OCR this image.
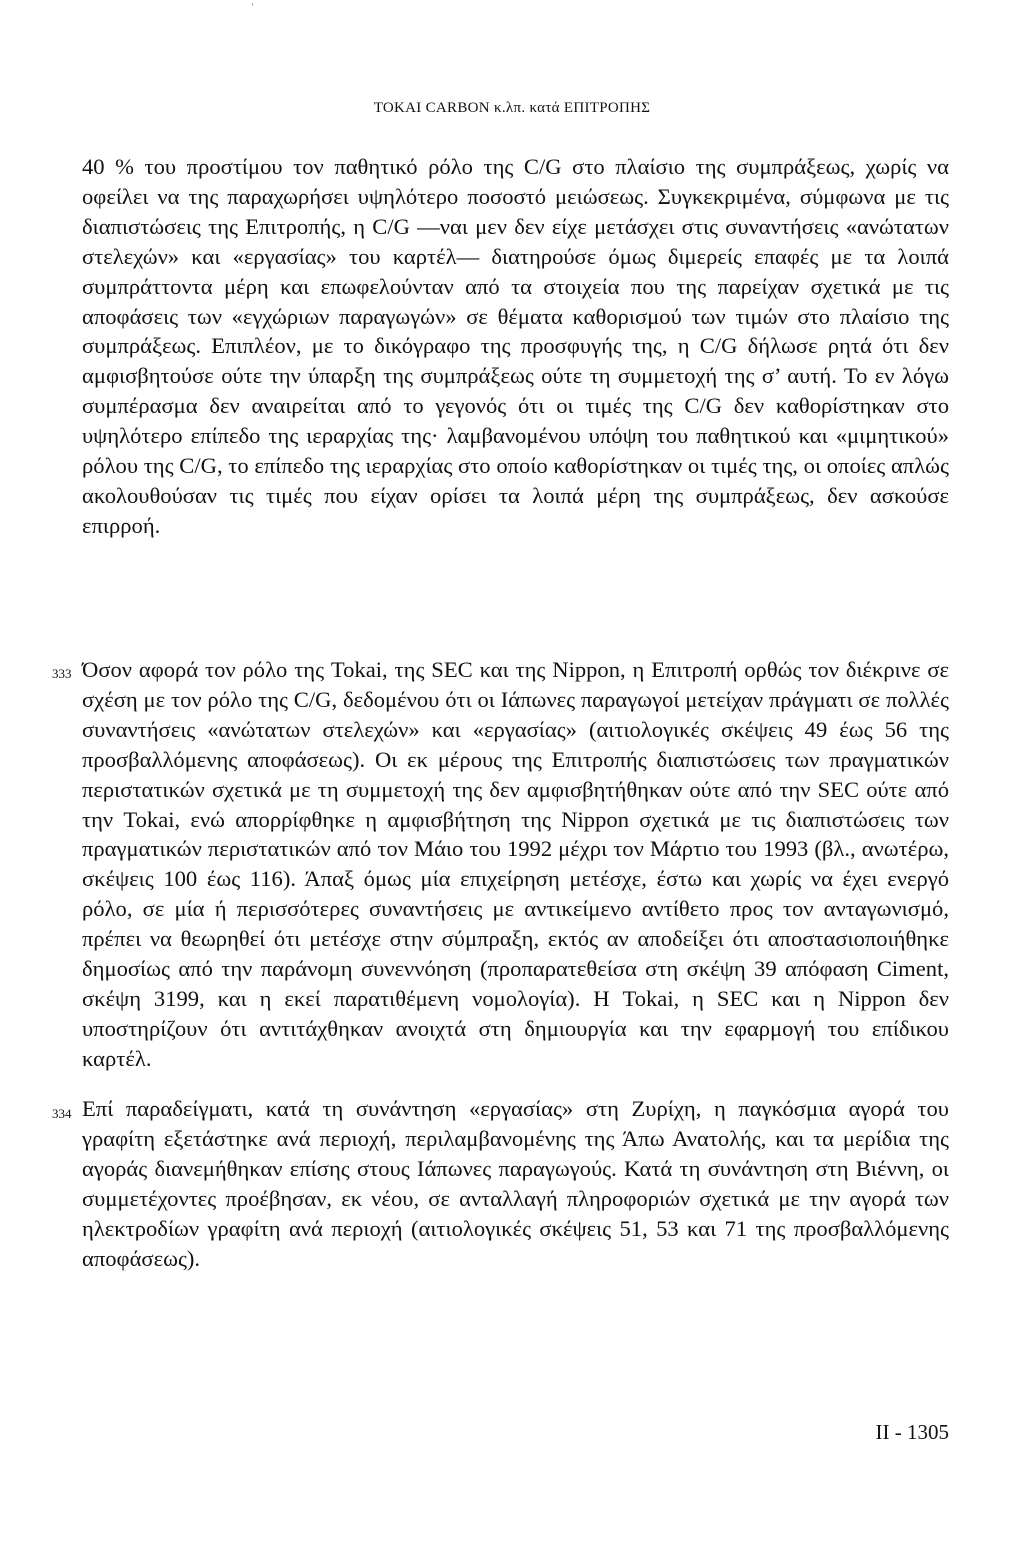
ʿ
TOKAI CARBON κ.λπ. κατά ΕΠΙΤΡΟΠΗΣ

40 % του προστίμου τον παθητικό ρόλο της C/G στο πλαίσιο της συμπράξεως, χωρίς να οφείλει να της παραχωρήσει υψηλότερο ποσοστό μειώσεως. Συγκεκριμένα, σύμφωνα με τις διαπιστώσεις της Επιτροπής, η C/G —ναι μεν δεν είχε μετάσχει στις συναντήσεις «ανώτατων στελεχών» και «εργασίας» του καρτέλ— διατηρούσε όμως διμερείς επαφές με τα λοιπά συμπράττοντα μέρη και επωφελούνταν από τα στοιχεία που της παρείχαν σχετικά με τις αποφάσεις των «εγχώριων παραγωγών» σε θέματα καθορισμού των τιμών στο πλαίσιο της συμπράξεως. Επιπλέον, με το δικόγραφο της προσφυγής της, η C/G δήλωσε ρητά ότι δεν αμφισβητούσε ούτε την ύπαρξη της συμπράξεως ούτε τη συμμετοχή της σ’ αυτή. Το εν λόγω συμπέρασμα δεν αναιρείται από το γεγονός ότι οι τιμές της C/G δεν καθορίστηκαν στο υψηλότερο επίπεδο της ιεραρχίας της· λαμβανομένου υπόψη του παθητικού και «μιμητικού» ρόλου της C/G, το επίπεδο της ιεραρχίας στο οποίο καθορίστηκαν οι τιμές της, οι οποίες απλώς ακολουθούσαν τις τιμές που είχαν ορίσει τα λοιπά μέρη της συμπράξεως, δεν ασκούσε επιρροή.

333 Όσον αφορά τον ρόλο της Tokai, της SEC και της Nippon, η Επιτροπή ορθώς τον διέκρινε σε σχέση με τον ρόλο της C/G, δεδομένου ότι οι Ιάπωνες παραγωγοί μετείχαν πράγματι σε πολλές συναντήσεις «ανώτατων στελεχών» και «εργασίας» (αιτιολογικές σκέψεις 49 έως 56 της προσβαλλόμενης αποφάσεως). Οι εκ μέρους της Επιτροπής διαπιστώσεις των πραγματικών περιστατικών σχετικά με τη συμμετοχή της δεν αμφισβητήθηκαν ούτε από την SEC ούτε από την Tokai, ενώ απορρίφθηκε η αμφισβήτηση της Nippon σχετικά με τις διαπιστώσεις των πραγματικών περιστατικών από τον Μάιο του 1992 μέχρι τον Μάρτιο του 1993 (βλ., ανωτέρω, σκέψεις 100 έως 116). Άπαξ όμως μία επιχείρηση μετέσχε, έστω και χωρίς να έχει ενεργό ρόλο, σε μία ή περισσότερες συναντήσεις με αντικείμενο αντίθετο προς τον ανταγωνισμό, πρέπει να θεωρηθεί ότι μετέσχε στην σύμπραξη, εκτός αν αποδείξει ότι αποστασιοποιήθηκε δημοσίως από την παράνομη συνεννόηση (προπαρατεθείσα στη σκέψη 39 απόφαση Ciment, σκέψη 3199, και η εκεί παρατιθέμενη νομολογία). Η Tokai, η SEC και η Nippon δεν υποστηρίζουν ότι αντιτάχθηκαν ανοιχτά στη δημιουργία και την εφαρμογή του επίδικου καρτέλ.

334 Επί παραδείγματι, κατά τη συνάντηση «εργασίας» στη Ζυρίχη, η παγκόσμια αγορά του γραφίτη εξετάστηκε ανά περιοχή, περιλαμβανομένης της Άπω Ανατολής, και τα μερίδια της αγοράς διανεμήθηκαν επίσης στους Ιάπωνες παραγωγούς. Κατά τη συνάντηση στη Βιέννη, οι συμμετέχοντες προέβησαν, εκ νέου, σε ανταλλαγή πληροφοριών σχετικά με την αγορά των ηλεκτροδίων γραφίτη ανά περιοχή (αιτιολογικές σκέψεις 51, 53 και 71 της προσβαλλόμενης αποφάσεως).

II - 1305
